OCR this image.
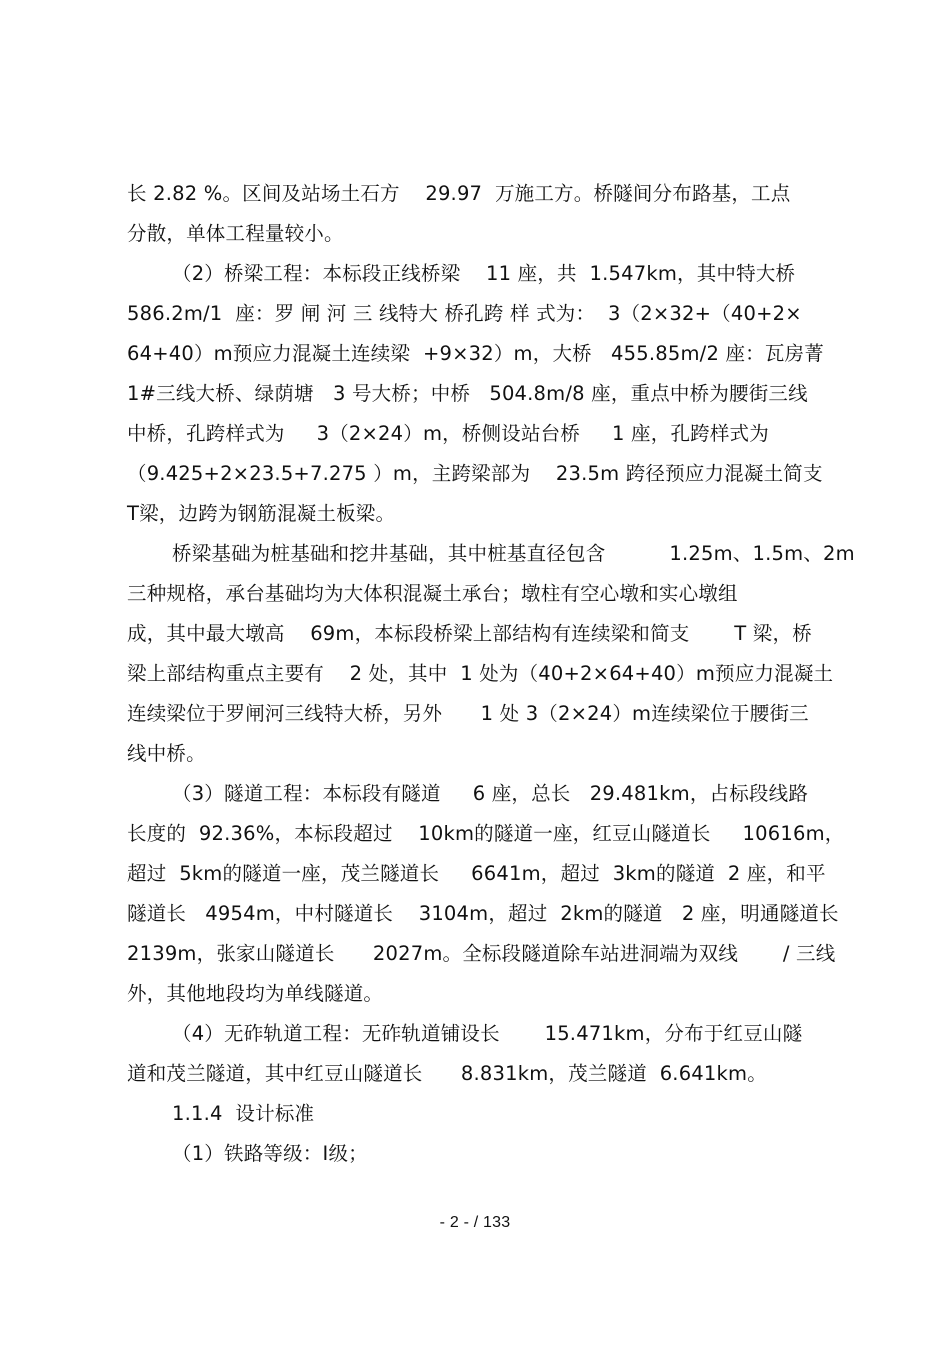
长 2.82 %。区间及站场土石方    29.97  万施工方。桥隧间分布路基，工点
分散，单体工程量较小。
（2）桥梁工程：本标段正线桥梁    11 座，共  1.547km，其中特大桥
586.2m/1  座：罗 闸 河 三 线特大 桥孔跨 样 式为：  3（2×32+（40+2×
64+40）m预应力混凝土连续梁  +9×32）m，大桥   455.85m/2 座：瓦房菁
1#三线大桥、绿荫塘   3 号大桥；中桥   504.8m/8 座，重点中桥为腰街三线
中桥，孔跨样式为     3（2×24）m，桥侧设站台桥     1 座，孔跨样式为
（9.425+2×23.5+7.275 ）m，主跨梁部为    23.5m 跨径预应力混凝土简支
T梁，边跨为钢筋混凝土板梁。
桥梁基础为桩基础和挖井基础，其中桩基直径包含          1.25m、1.5m、2m
三种规格，承台基础均为大体积混凝土承台；墩柱有空心墩和实心墩组
成，其中最大墩高    69m，本标段桥梁上部结构有连续梁和简支       T 梁，桥
梁上部结构重点主要有    2 处，其中  1 处为（40+2×64+40）m预应力混凝土
连续梁位于罗闸河三线特大桥，另外      1 处 3（2×24）m连续梁位于腰街三
线中桥。
（3）隧道工程：本标段有隧道     6 座，总长   29.481km，占标段线路
长度的  92.36%，本标段超过    10km的隧道一座，红豆山隧道长     10616m，
超过  5km的隧道一座，茂兰隧道长     6641m，超过  3km的隧道  2 座，和平
隧道长   4954m，中村隧道长    3104m，超过  2km的隧道   2 座，明通隧道长
2139m，张家山隧道长      2027m。全标段隧道除车站进洞端为双线       / 三线
外，其他地段均为单线隧道。
（4）无砟轨道工程：无砟轨道铺设长       15.471km，分布于红豆山隧
道和茂兰隧道，其中红豆山隧道长      8.831km，茂兰隧道  6.641km。
1.1.4  设计标准
（1）铁路等级：Ⅰ级；
- 2 - / 133
